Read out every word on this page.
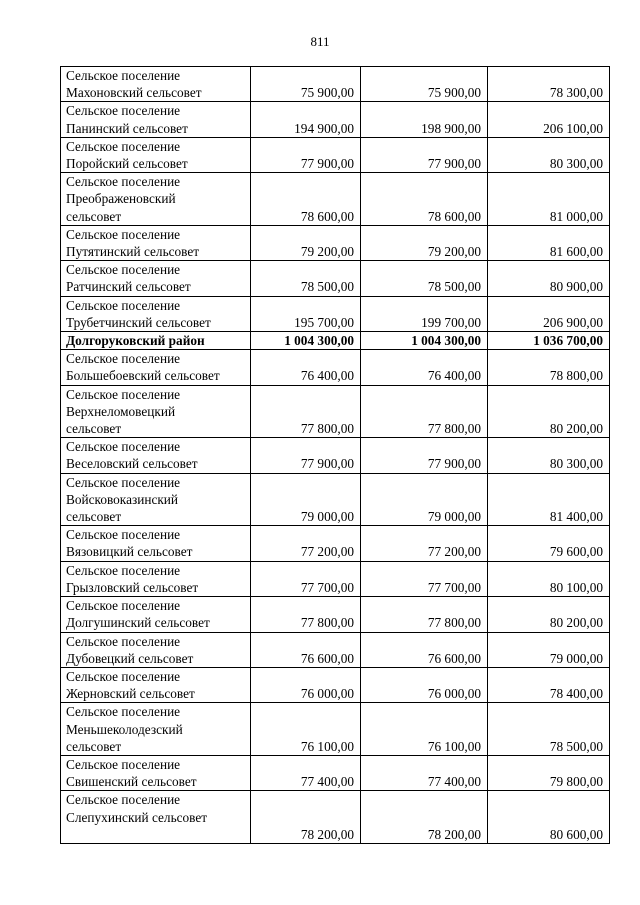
811
Сельское поселение
Махоновский сельсовет	75 900,00	75 900,00	78 300,00

Сельское поселение
Панинский сельсовет	194 900,00	198 900,00	206 100,00

Сельское поселение
Поройский сельсовет	77 900,00	77 900,00	80 300,00

Сельское поселение
Преображеновский
сельсовет	78 600,00	78 600,00	81 000,00

Сельское поселение
Путятинский сельсовет	79 200,00	79 200,00	81 600,00

Сельское поселение
Ратчинский сельсовет	78 500,00	78 500,00	80 900,00

Сельское поселение
Трубетчинский сельсовет	195 700,00	199 700,00	206 900,00

Долгоруковский район	1 004 300,00	1 004 300,00	1 036 700,00

Сельское поселение
Большебоевский сельсовет	76 400,00	76 400,00	78 800,00

Сельское поселение
Верхнеломовецкий
сельсовет	77 800,00	77 800,00	80 200,00

Сельское поселение
Веселовский сельсовет	77 900,00	77 900,00	80 300,00

Сельское поселение
Войсковоказинский
сельсовет	79 000,00	79 000,00	81 400,00

Сельское поселение
Вязовицкий сельсовет	77 200,00	77 200,00	79 600,00

Сельское поселение
Грызловский сельсовет	77 700,00	77 700,00	80 100,00

Сельское поселение
Долгушинский сельсовет	77 800,00	77 800,00	80 200,00

Сельское поселение
Дубовецкий сельсовет	76 600,00	76 600,00	79 000,00

Сельское поселение
Жерновский сельсовет	76 000,00	76 000,00	78 400,00

Сельское поселение
Меньшеколодезский
сельсовет	76 100,00	76 100,00	78 500,00

Сельское поселение
Свишенский сельсовет	77 400,00	77 400,00	79 800,00

Сельское поселение
Слепухинский сельсовет	78 200,00	78 200,00	80 600,00
